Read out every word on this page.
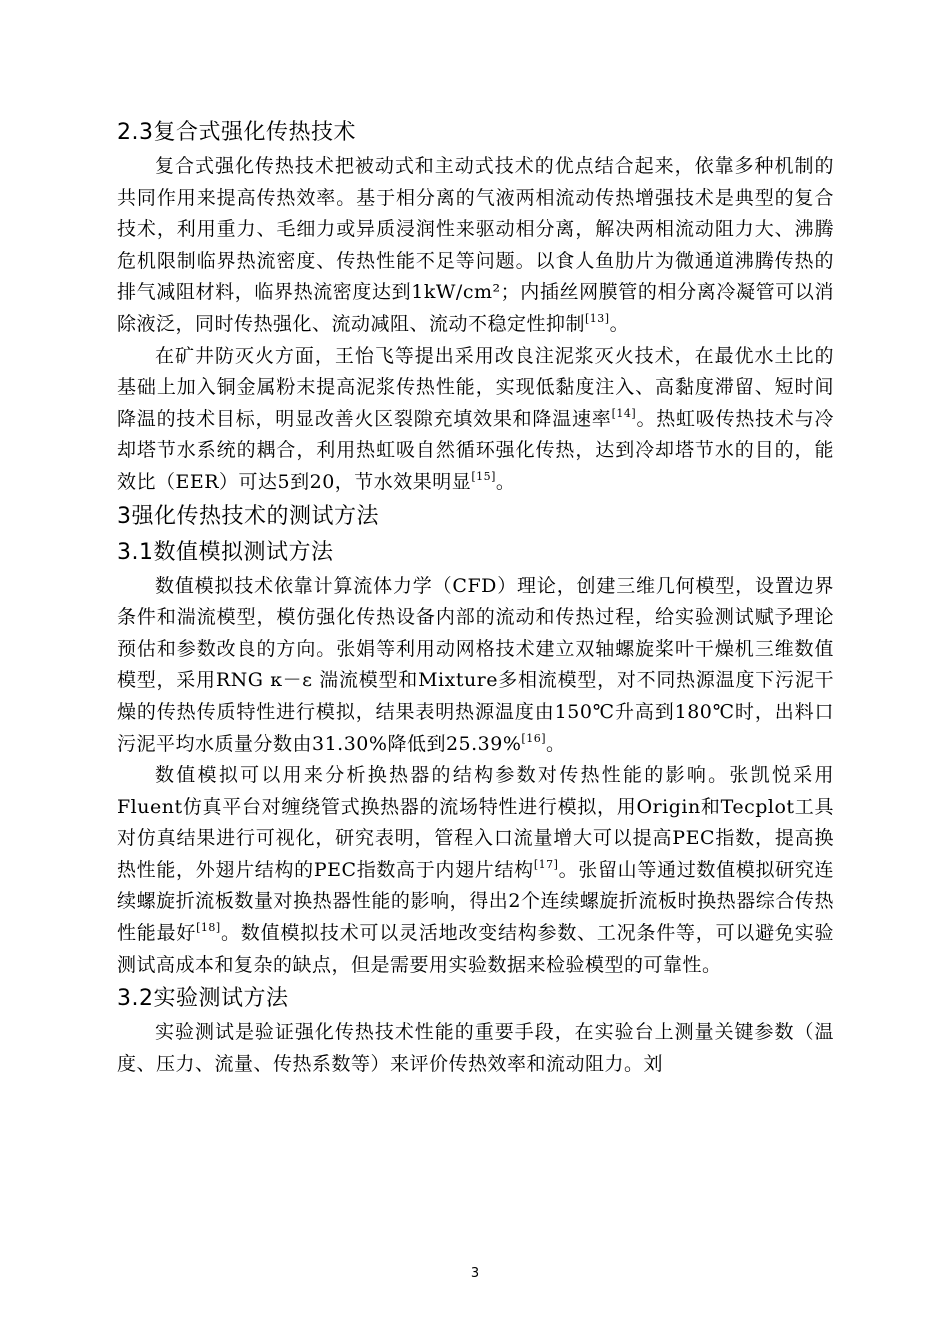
2.3复合式强化传热技术

复合式强化传热技术把被动式和主动式技术的优点结合起来，依靠多种机制的共同作用来提高传热效率。基于相分离的气液两相流动传热增强技术是典型的复合技术，利用重力、毛细力或异质浸润性来驱动相分离，解决两相流动阻力大、沸腾危机限制临界热流密度、传热性能不足等问题。以食人鱼肋片为微通道沸腾传热的排气减阻材料，临界热流密度达到1kW/cm²；内插丝网膜管的相分离冷凝管可以消除液泛，同时传热强化、流动减阻、流动不稳定性抑制[13]。

在矿井防灭火方面，王怡飞等提出采用改良注泥浆灭火技术，在最优水土比的基础上加入铜金属粉末提高泥浆传热性能，实现低黏度注入、高黏度滞留、短时间降温的技术目标，明显改善火区裂隙充填效果和降温速率[14]。热虹吸传热技术与冷却塔节水系统的耦合，利用热虹吸自然循环强化传热，达到冷却塔节水的目的，能效比（EER）可达5到20，节水效果明显[15]。

3强化传热技术的测试方法
3.1数值模拟测试方法

数值模拟技术依靠计算流体力学（CFD）理论，创建三维几何模型，设置边界条件和湍流模型，模仿强化传热设备内部的流动和传热过程，给实验测试赋予理论预估和参数改良的方向。张娟等利用动网格技术建立双轴螺旋桨叶干燥机三维数值模型，采用RNG κ－ε 湍流模型和Mixture多相流模型，对不同热源温度下污泥干燥的传热传质特性进行模拟，结果表明热源温度由150℃升高到180℃时，出料口污泥平均水质量分数由31.30%降低到25.39%[16]。

数值模拟可以用来分析换热器的结构参数对传热性能的影响。张凯悦采用Fluent仿真平台对缠绕管式换热器的流场特性进行模拟，用Origin和Tecplot工具对仿真结果进行可视化，研究表明，管程入口流量增大可以提高PEC指数，提高换热性能，外翅片结构的PEC指数高于内翅片结构[17]。张留山等通过数值模拟研究连续螺旋折流板数量对换热器性能的影响，得出2个连续螺旋折流板时换热器综合传热性能最好[18]。数值模拟技术可以灵活地改变结构参数、工况条件等，可以避免实验测试高成本和复杂的缺点，但是需要用实验数据来检验模型的可靠性。

3.2实验测试方法

实验测试是验证强化传热技术性能的重要手段，在实验台上测量关键参数（温度、压力、流量、传热系数等）来评价传热效率和流动阻力。刘

3
